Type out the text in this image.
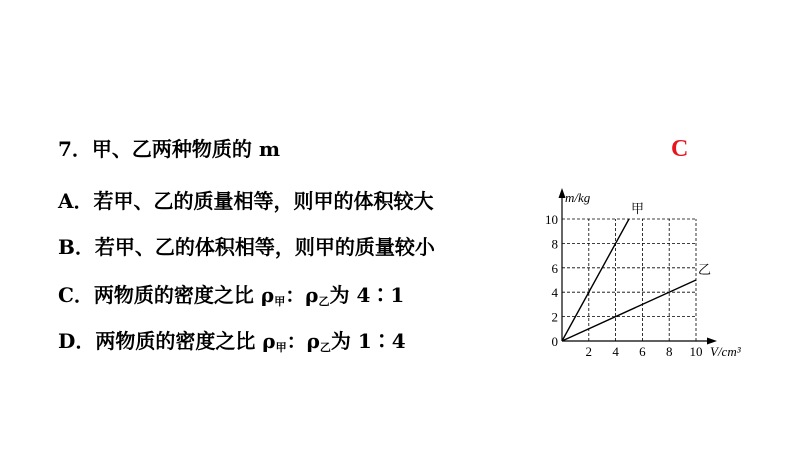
7．甲、乙两种物质的 m	C
A．若甲、乙的质量相等，则甲的体积较大
B．若甲、乙的体积相等，则甲的质量较小
C．两物质的密度之比 $\rho_甲$：$\rho_乙$为 4∶1
D．两物质的密度之比 $\rho_甲$：$\rho_乙$为 1∶4	0
2
4
6
8
10
2 4 6 8 10
甲
乙
m/kg
V/cm³
